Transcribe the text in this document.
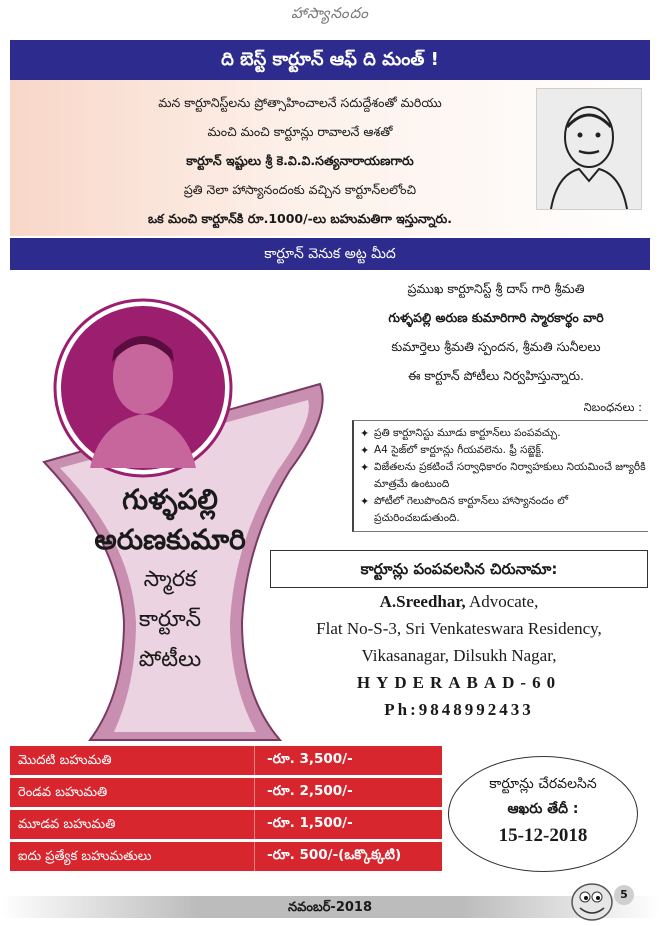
హాస్యానందం
ది బెస్ట్ కార్టూన్ ఆఫ్ ది మంత్ !
మన కార్టూనిస్ట్‌లను ప్రోత్సాహించాలనే సదుద్దేశంతో మరియు
మంచి మంచి కార్టూన్లు రావాలనే ఆశతో
కార్టూన్ ఇష్టులు శ్రీ కె.వి.వి.సత్యనారాయణగారు
ప్రతి నెలా హాస్యానందంకు వచ్చిన కార్టూన్‌లలోంచి
ఒక మంచి కార్టూన్‌కి రూ.1000/-లు బహుమతిగా ఇస్తున్నారు.
కార్టూన్ వెనుక అట్ట మీద
ప్రముఖ కార్టూనిస్ట్ శ్రీ దాస్ గారి శ్రీమతి
గుళ్ళపల్లి అరుణ కుమారిగారి స్మారకార్థం వారి
కుమార్తెలు శ్రీమతి స్పందన, శ్రీమతి సునీలలు
ఈ కార్టూన్ పోటీలు నిర్వహిస్తున్నారు.
గుళ్ళపల్లి
అరుణకుమారి
స్మారక
కార్టూన్
పోటీలు
నిబంధనలు :
✦ ప్రతి కార్టూనిస్టు మూడు కార్టూన్‌లు పంపవచ్చు.
✦ A4 సైజ్‌లో కార్టూన్లు గీయవలెను. ఫ్రీ సబ్జెక్ట్.
✦ విజేతలను ప్రకటించే సర్వాధికారం నిర్వాహకులు నియమించే జ్యూరీకి మాత్రమే ఉంటుంది
✦ పోటీలో గెలుపొందిన కార్టూన్‌లు హాస్యానందం లో ప్రచురించబడుతుంది.
కార్టూన్లు పంపవలసిన చిరునామా:
A.Sreedhar, Advocate,
Flat No-S-3, Sri Venkateswara Residency,
Vikasanagar, Dilsukh Nagar,
HYDERABAD-60
Ph:9848992433
మొదటి బహుమతి	-రూ. 3,500/-
రెండవ బహుమతి	-రూ. 2,500/-
మూడవ బహుమతి	-రూ. 1,500/-
ఐదు ప్రత్యేక బహుమతులు	-రూ. 500/-(ఒక్కొక్కటి)
కార్టూన్లు చేరవలసిన
ఆఖరు తేదీ :
15-12-2018
నవంబర్-2018
5
